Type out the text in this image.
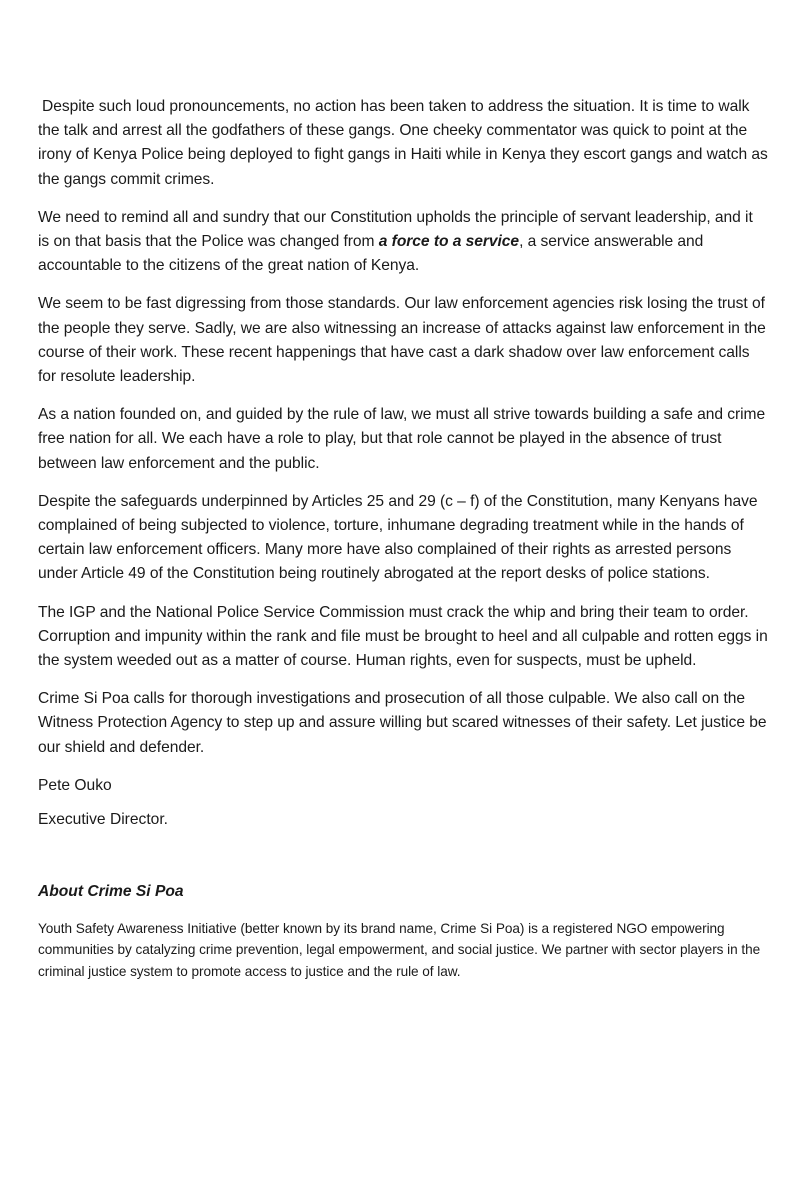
Despite such loud pronouncements, no action has been taken to address the situation. It is time to walk the talk and arrest all the godfathers of these gangs. One cheeky commentator was quick to point at the irony of Kenya Police being deployed to fight gangs in Haiti while in Kenya they escort gangs and watch as the gangs commit crimes.

We need to remind all and sundry that our Constitution upholds the principle of servant leadership, and it is on that basis that the Police was changed from a force to a service, a service answerable and accountable to the citizens of the great nation of Kenya.

We seem to be fast digressing from those standards. Our law enforcement agencies risk losing the trust of the people they serve. Sadly, we are also witnessing an increase of attacks against law enforcement in the course of their work. These recent happenings that have cast a dark shadow over law enforcement calls for resolute leadership.

As a nation founded on, and guided by the rule of law, we must all strive towards building a safe and crime free nation for all. We each have a role to play, but that role cannot be played in the absence of trust between law enforcement and the public.

Despite the safeguards underpinned by Articles 25 and 29 (c – f) of the Constitution, many Kenyans have complained of being subjected to violence, torture, inhumane degrading treatment while in the hands of certain law enforcement officers. Many more have also complained of their rights as arrested persons under Article 49 of the Constitution being routinely abrogated at the report desks of police stations.

The IGP and the National Police Service Commission must crack the whip and bring their team to order. Corruption and impunity within the rank and file must be brought to heel and all culpable and rotten eggs in the system weeded out as a matter of course. Human rights, even for suspects, must be upheld.

Crime Si Poa calls for thorough investigations and prosecution of all those culpable. We also call on the Witness Protection Agency to step up and assure willing but scared witnesses of their safety. Let justice be our shield and defender.

Pete Ouko

Executive Director.

About Crime Si Poa

Youth Safety Awareness Initiative (better known by its brand name, Crime Si Poa) is a registered NGO empowering communities by catalyzing crime prevention, legal empowerment, and social justice. We partner with sector players in the criminal justice system to promote access to justice and the rule of law.
